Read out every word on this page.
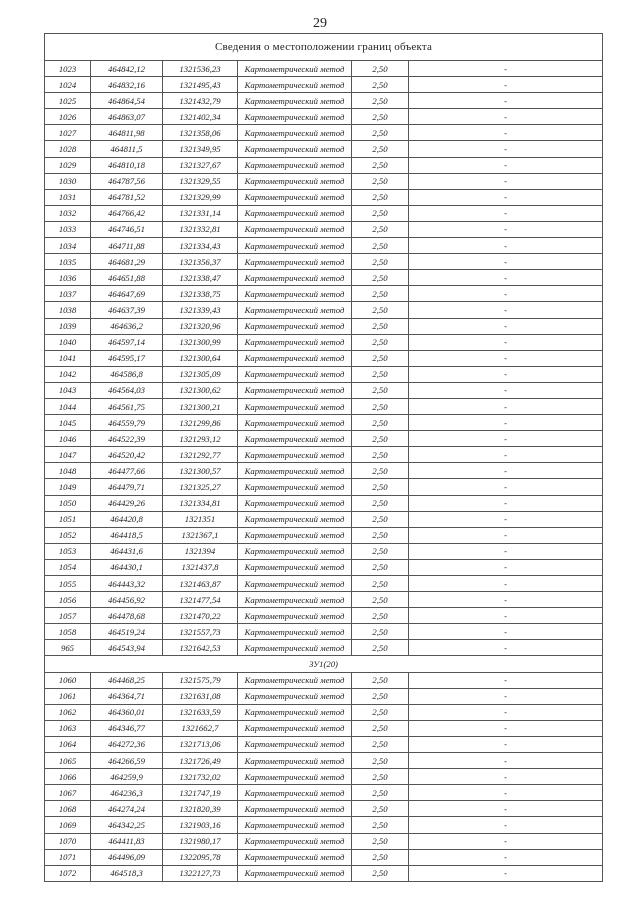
29
Сведения о местоположении границ объекта					
1023	464842,12	1321536,23	Картометрический метод	2,50	-
1024	464832,16	1321495,43	Картометрический метод	2,50	-
1025	464864,54	1321432,79	Картометрический метод	2,50	-
1026	464863,07	1321402,34	Картометрический метод	2,50	-
1027	464811,98	1321358,06	Картометрический метод	2,50	-
1028	464811,5	1321349,95	Картометрический метод	2,50	-
1029	464810,18	1321327,67	Картометрический метод	2,50	-
1030	464787,56	1321329,55	Картометрический метод	2,50	-
1031	464781,52	1321329,99	Картометрический метод	2,50	-
1032	464766,42	1321331,14	Картометрический метод	2,50	-
1033	464746,51	1321332,81	Картометрический метод	2,50	-
1034	464711,88	1321334,43	Картометрический метод	2,50	-
1035	464681,29	1321356,37	Картометрический метод	2,50	-
1036	464651,88	1321338,47	Картометрический метод	2,50	-
1037	464647,69	1321338,75	Картометрический метод	2,50	-
1038	464637,39	1321339,43	Картометрический метод	2,50	-
1039	464636,2	1321320,96	Картометрический метод	2,50	-
1040	464597,14	1321300,99	Картометрический метод	2,50	-
1041	464595,17	1321300,64	Картометрический метод	2,50	-
1042	464586,8	1321305,09	Картометрический метод	2,50	-
1043	464564,03	1321300,62	Картометрический метод	2,50	-
1044	464561,75	1321300,21	Картометрический метод	2,50	-
1045	464559,79	1321299,86	Картометрический метод	2,50	-
1046	464522,39	1321293,12	Картометрический метод	2,50	-
1047	464520,42	1321292,77	Картометрический метод	2,50	-
1048	464477,66	1321300,57	Картометрический метод	2,50	-
1049	464479,71	1321325,27	Картометрический метод	2,50	-
1050	464429,26	1321334,81	Картометрический метод	2,50	-
1051	464420,8	1321351	Картометрический метод	2,50	-
1052	464418,5	1321367,1	Картометрический метод	2,50	-
1053	464431,6	1321394	Картометрический метод	2,50	-
1054	464430,1	1321437,8	Картометрический метод	2,50	-
1055	464443,32	1321463,87	Картометрический метод	2,50	-
1056	464456,92	1321477,54	Картометрический метод	2,50	-
1057	464478,68	1321470,22	Картометрический метод	2,50	-
1058	464519,24	1321557,73	Картометрический метод	2,50	-
965	464543,94	1321642,53	Картометрический метод	2,50	-
ЗУ1(20)					
1060	464468,25	1321575,79	Картометрический метод	2,50	-
1061	464364,71	1321631,08	Картометрический метод	2,50	-
1062	464360,01	1321633,59	Картометрический метод	2,50	-
1063	464346,77	1321662,7	Картометрический метод	2,50	-
1064	464272,36	1321713,06	Картометрический метод	2,50	-
1065	464266,59	1321726,49	Картометрический метод	2,50	-
1066	464259,9	1321732,02	Картометрический метод	2,50	-
1067	464236,3	1321747,19	Картометрический метод	2,50	-
1068	464274,24	1321820,39	Картометрический метод	2,50	-
1069	464342,25	1321903,16	Картометрический метод	2,50	-
1070	464411,83	1321980,17	Картометрический метод	2,50	-
1071	464496,09	1322095,78	Картометрический метод	2,50	-
1072	464518,3	1322127,73	Картометрический метод	2,50	-
